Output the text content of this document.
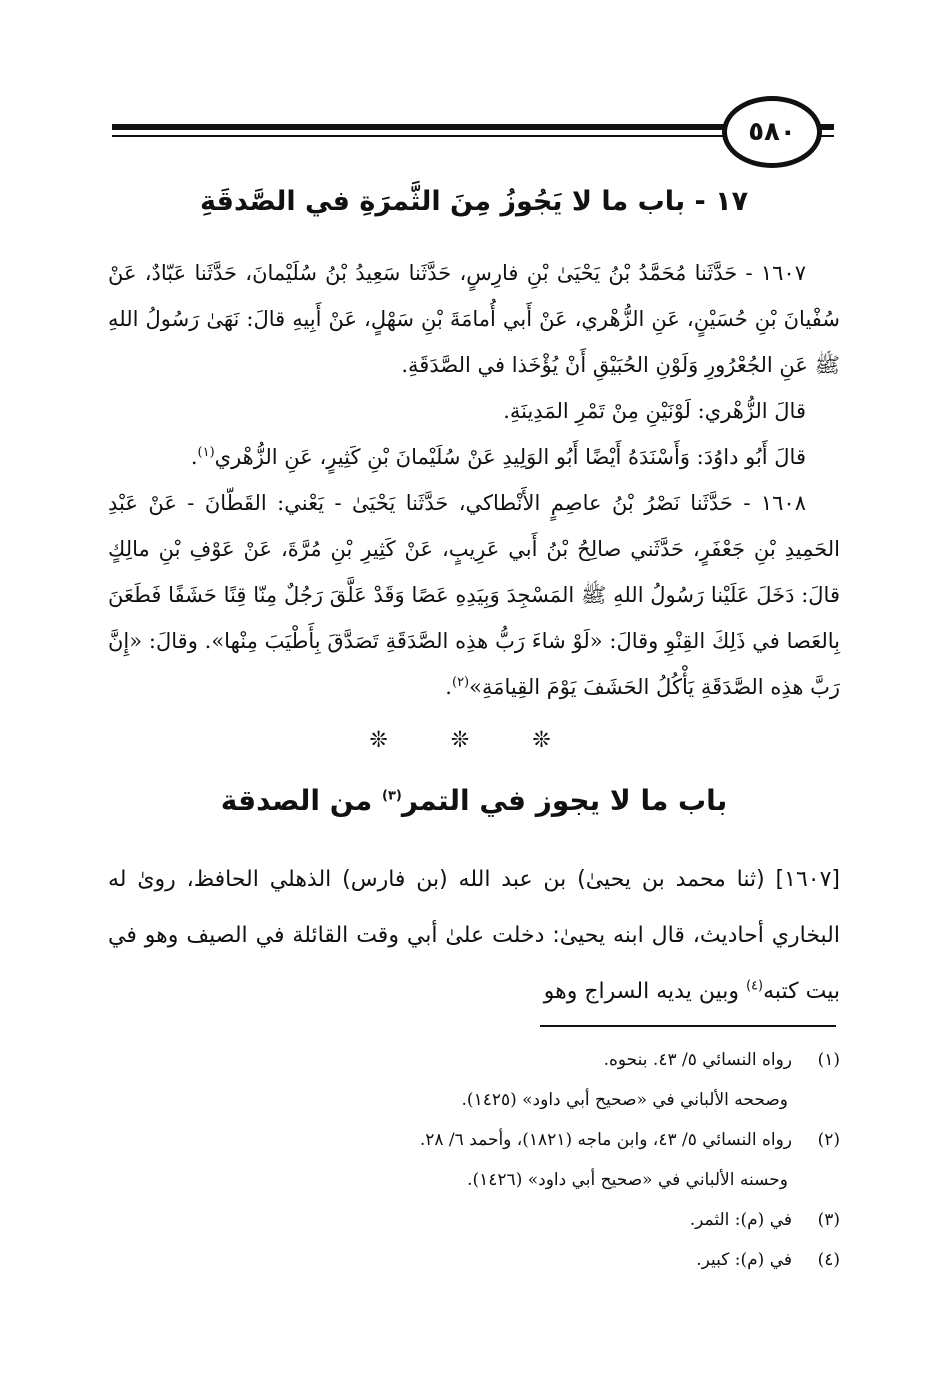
٥٨٠
١٧ - باب ما لا يَجُوزُ مِنَ الثَّمرَةِ في الصَّدقَةِ

١٦٠٧ - حَدَّثَنا مُحَمَّدُ بْنُ يَحْيَىٰ بْنِ فارِسٍ، حَدَّثَنا سَعِيدُ بْنُ سُلَيْمانَ، حَدَّثَنا عَبّادٌ، عَنْ سُفْيانَ بْنِ حُسَيْنٍ، عَنِ الزُّهْري، عَنْ أَبي أُمامَةَ بْنِ سَهْلٍ، عَنْ أَبِيهِ قالَ: نَهَىٰ رَسُولُ اللهِ ﷺ عَنِ الجُعْرُورِ وَلَوْنِ الحُبَيْقِ أَنْ يُؤْخَذا في الصَّدَقَةِ.

قالَ الزُّهْري: لَوْنَيْنِ مِنْ تَمْرِ المَدِينَةِ.

قالَ أَبُو داوُدَ: وَأَسْنَدَهُ أَيْضًا أَبُو الوَلِيدِ عَنْ سُلَيْمانَ بْنِ كَثِيرٍ، عَنِ الزُّهْري$^{(١)}$.

١٦٠٨ - حَدَّثَنا نَصْرُ بْنُ عاصِمٍ الأَنْطاكي، حَدَّثَنا يَحْيَىٰ - يَعْني: القَطّانَ - عَنْ عَبْدِ الحَمِيدِ بْنِ جَعْفَرٍ، حَدَّثَني صالِحُ بْنُ أَبي عَرِيبٍ، عَنْ كَثِيرِ بْنِ مُرَّةَ، عَنْ عَوْفِ بْنِ مالِكٍ قالَ: دَخَلَ عَلَيْنا رَسُولُ اللهِ ﷺ المَسْجِدَ وَبِيَدِهِ عَصًا وَقَدْ عَلَّقَ رَجُلٌ مِنّا قِنًا حَشَفًا فَطَعَنَ بِالعَصا في ذَلِكَ القِنْوِ وقالَ: «لَوْ شاءَ رَبُّ هذِه الصَّدَقَةِ تَصَدَّقَ بِأَطْيَبَ مِنْها». وقالَ: «إِنَّ رَبَّ هذِه الصَّدَقَةِ يَأْكُلُ الحَشَفَ يَوْمَ القِيامَةِ»$^{(٢)}$.

❊ ❊ ❊
باب ما لا يجوز في التمر$^{(٣)}$ من الصدقة

[١٦٠٧] (ثنا محمد بن يحيىٰ) بن عبد الله (بن فارس) الذهلي الحافظ، روىٰ له البخاري أحاديث، قال ابنه يحيىٰ: دخلت علىٰ أبي وقت القائلة في الصيف وهو في بيت كتبه$^{(٤)}$ وبين يديه السراج وهو

(١)رواه النسائي ٥/ ٤٣. بنحوه.

وصححه الألباني في «صحيح أبي داود» (١٤٢٥).

(٢)رواه النسائي ٥/ ٤٣، وابن ماجه (١٨٢١)، وأحمد ٦/ ٢٨.

وحسنه الألباني في «صحيح أبي داود» (١٤٢٦).

(٣)في (م): الثمر.

(٤)في (م): كبير.
